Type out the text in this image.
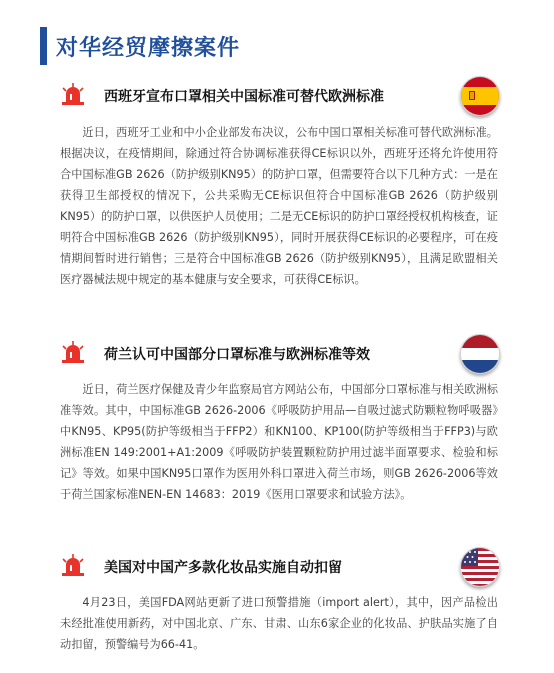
对华经贸摩擦案件
西班牙宣布口罩相关中国标准可替代欧洲标准

近日，西班牙工业和中小企业部发布决议，公布中国口罩相关标准可替代欧洲标准。根据决议，在疫情期间，除通过符合协调标准获得CE标识以外，西班牙还将允许使用符合中国标准GB 2626（防护级别KN95）的防护口罩，但需要符合以下几种方式：一是在获得卫生部授权的情况下，公共采购无CE标识但符合中国标准GB 2626（防护级别KN95）的防护口罩，以供医护人员使用；二是无CE标识的防护口罩经授权机构核查，证明符合中国标准GB 2626（防护级别KN95），同时开展获得CE标识的必要程序，可在疫情期间暂时进行销售；三是符合中国标准GB 2626（防护级别KN95），且满足欧盟相关医疗器械法规中规定的基本健康与安全要求，可获得CE标识。

荷兰认可中国部分口罩标准与欧洲标准等效

近日，荷兰医疗保健及青少年监察局官方网站公布，中国部分口罩标准与相关欧洲标准等效。其中，中国标准GB 2626-2006《呼吸防护用品—自吸过滤式防颗粒物呼吸器》中KN95、KP95(防护等级相当于FFP2）和KN100、KP100(防护等级相当于FFP3)与欧洲标准EN 149:2001+A1:2009《呼吸防护装置颗粒防护用过滤半面罩要求、检验和标记》等效。如果中国KN95口罩作为医用外科口罩进入荷兰市场，则GB 2626-2006等效于荷兰国家标准NEN-EN 14683：2019《医用口罩要求和试验方法》。

美国对中国产多款化妆品实施自动扣留

4月23日，美国FDA网站更新了进口预警措施（import alert），其中，因产品检出未经批准使用新药，对中国北京、广东、甘肃、山东6家企业的化妆品、护肤品实施了自动扣留，预警编号为66-41。
